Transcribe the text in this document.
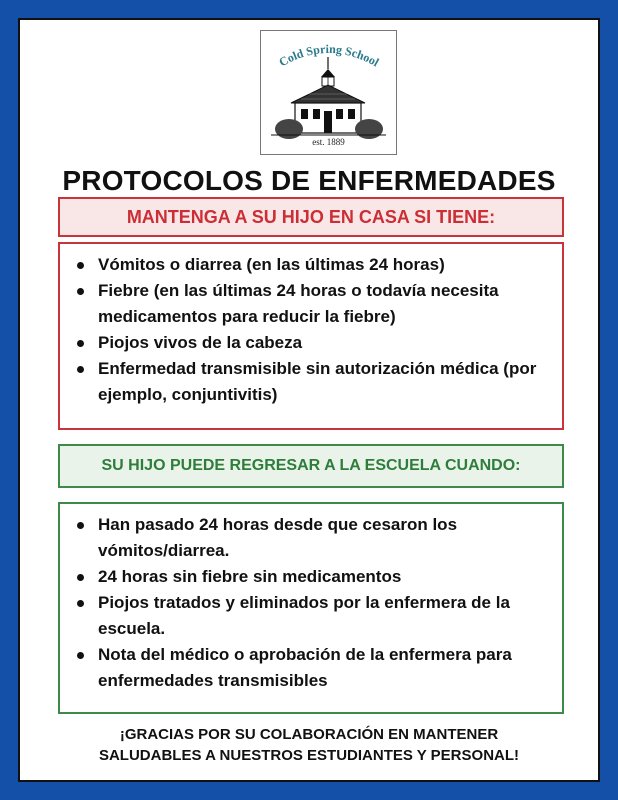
Cold Spring School
est. 1889
PROTOCOLOS DE ENFERMEDADES
MANTENGA A SU HIJO EN CASA SI TIENE:
Vómitos o diarrea (en las últimas 24 horas)
Fiebre (en las últimas 24 horas o todavía necesita medicamentos para reducir la fiebre)
Piojos vivos de la cabeza
Enfermedad transmisible sin autorización médica (por ejemplo, conjuntivitis)
SU HIJO PUEDE REGRESAR A LA ESCUELA CUANDO:
Han pasado 24 horas desde que cesaron los vómitos/diarrea.
24 horas sin fiebre sin medicamentos
Piojos tratados y eliminados por la enfermera de la escuela.
Nota del médico o aprobación de la enfermera para enfermedades transmisibles
¡GRACIAS POR SU COLABORACIÓN EN MANTENER
SALUDABLES A NUESTROS ESTUDIANTES Y PERSONAL!
